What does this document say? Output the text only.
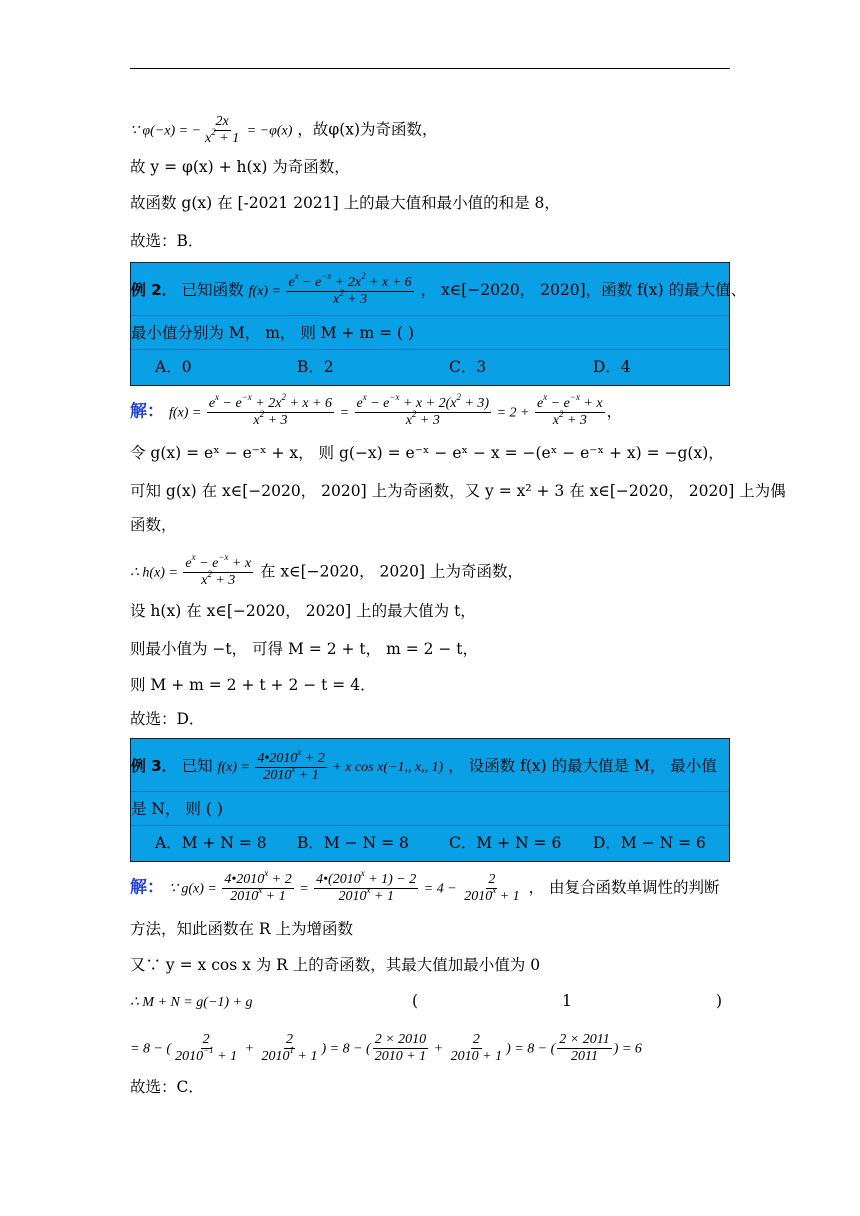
∵ φ(−x) = − $\frac{2x}{x^2 + 1} = -\varphi(x)$ ，故φ(x)为奇函数，
故 y = φ(x) + h(x) 为奇函数，
故函数 g(x) 在 [-2021 2021] 上的最大值和最小值的和是 8，
故选：B．
例 2． 已知函数 $f(x) = \frac{e^x - e^{-x} + 2x^2 + x + 6}{x^2 + 3}$ ， x∈[−2020， 2020]，函数 f(x) 的最大值、
最小值分别为 M， m， 则 M + m = ( )
A．0	B．2	C．3	D．4
解： $f(x) = \frac{e^x - e^{-x} + 2x^2 + x + 6}{x^2 + 3} = \frac{e^x - e^{-x} + x + 2(x^2 + 3)}{x^2 + 3} = 2 + \frac{e^x - e^{-x} + x}{x^2 + 3}$ ，
令 g(x) = eˣ − e⁻ˣ + x， 则 g(−x) = e⁻ˣ − eˣ − x = −(eˣ − e⁻ˣ + x) = −g(x)，
可知 g(x) 在 x∈[−2020， 2020] 上为奇函数，又 y = x² + 3 在 x∈[−2020， 2020] 上为偶
函数，
∴ $h(x) = \frac{e^x - e^{-x} + x}{x^2 + 3}$ 在 x∈[−2020， 2020] 上为奇函数，
设 h(x) 在 x∈[−2020， 2020] 上的最大值为 t，
则最小值为 −t， 可得 M = 2 + t， m = 2 − t，
则 M + m = 2 + t + 2 − t = 4．
故选：D．
例 3． 已知 $f(x) = \frac{4•2010^x + 2}{2010^x + 1} + x$ cos x(−1,, x,, 1) ， 设函数 f(x) 的最大值是 M， 最小值
是 N， 则 ( )
A．M + N = 8 B．M − N = 8	C．M + N = 6 D．M − N = 6
解： ∵ $g(x) = \frac{4•2010^x + 2}{2010^x + 1} = \frac{4•(2010^x + 1) - 2}{2010^x + 1} = 4 - \frac{2}{2010^x + 1}$ ， 由复合函数单调性的判断
方法，知此函数在 R 上为增函数
又∵ y = x cos x 为 R 上的奇函数，其最大值加最小值为 0
∴ M + N = g(−1) + g	(	1	)
= 8 − ( $\frac{2}{2010^{-1} + 1} + \frac{2}{2010^1 + 1}$ ) = 8 − ( $\frac{2 \times 2010}{2010 + 1} + \frac{2}{2010 + 1}$ ) = 8 − ( $\frac{2 \times 2011}{2011}$ ) = 6
故选：C．
